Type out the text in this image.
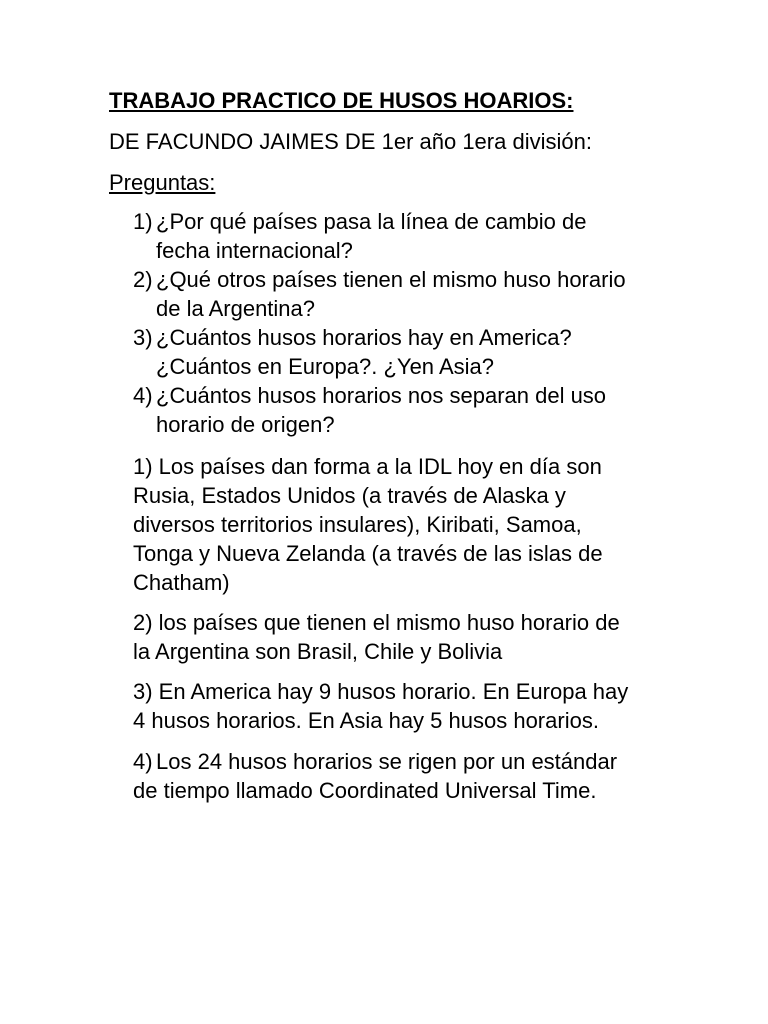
TRABAJO PRACTICO DE HUSOS HOARIOS:
DE FACUNDO JAIMES DE 1er año 1era división:
Preguntas:
1) ¿Por qué países pasa la línea de cambio de
fecha internacional?
2) ¿Qué otros países tienen el mismo huso horario
de la Argentina?
3) ¿Cuántos husos horarios hay en America?
¿Cuántos en Europa?. ¿Yen Asia?
4) ¿Cuántos husos horarios nos separan del uso
horario de origen?
1) Los países dan forma a la IDL hoy en día son
Rusia, Estados Unidos (a través de Alaska y
diversos territorios insulares), Kiribati, Samoa,
Tonga y Nueva Zelanda (a través de las islas de
Chatham)
2) los países que tienen el mismo huso horario de
la Argentina son Brasil, Chile y Bolivia
3) En America hay 9 husos horario. En Europa hay
4 husos horarios. En Asia hay 5 husos horarios.
4) Los 24 husos horarios se rigen por un estándar
de tiempo llamado Coordinated Universal Time.
